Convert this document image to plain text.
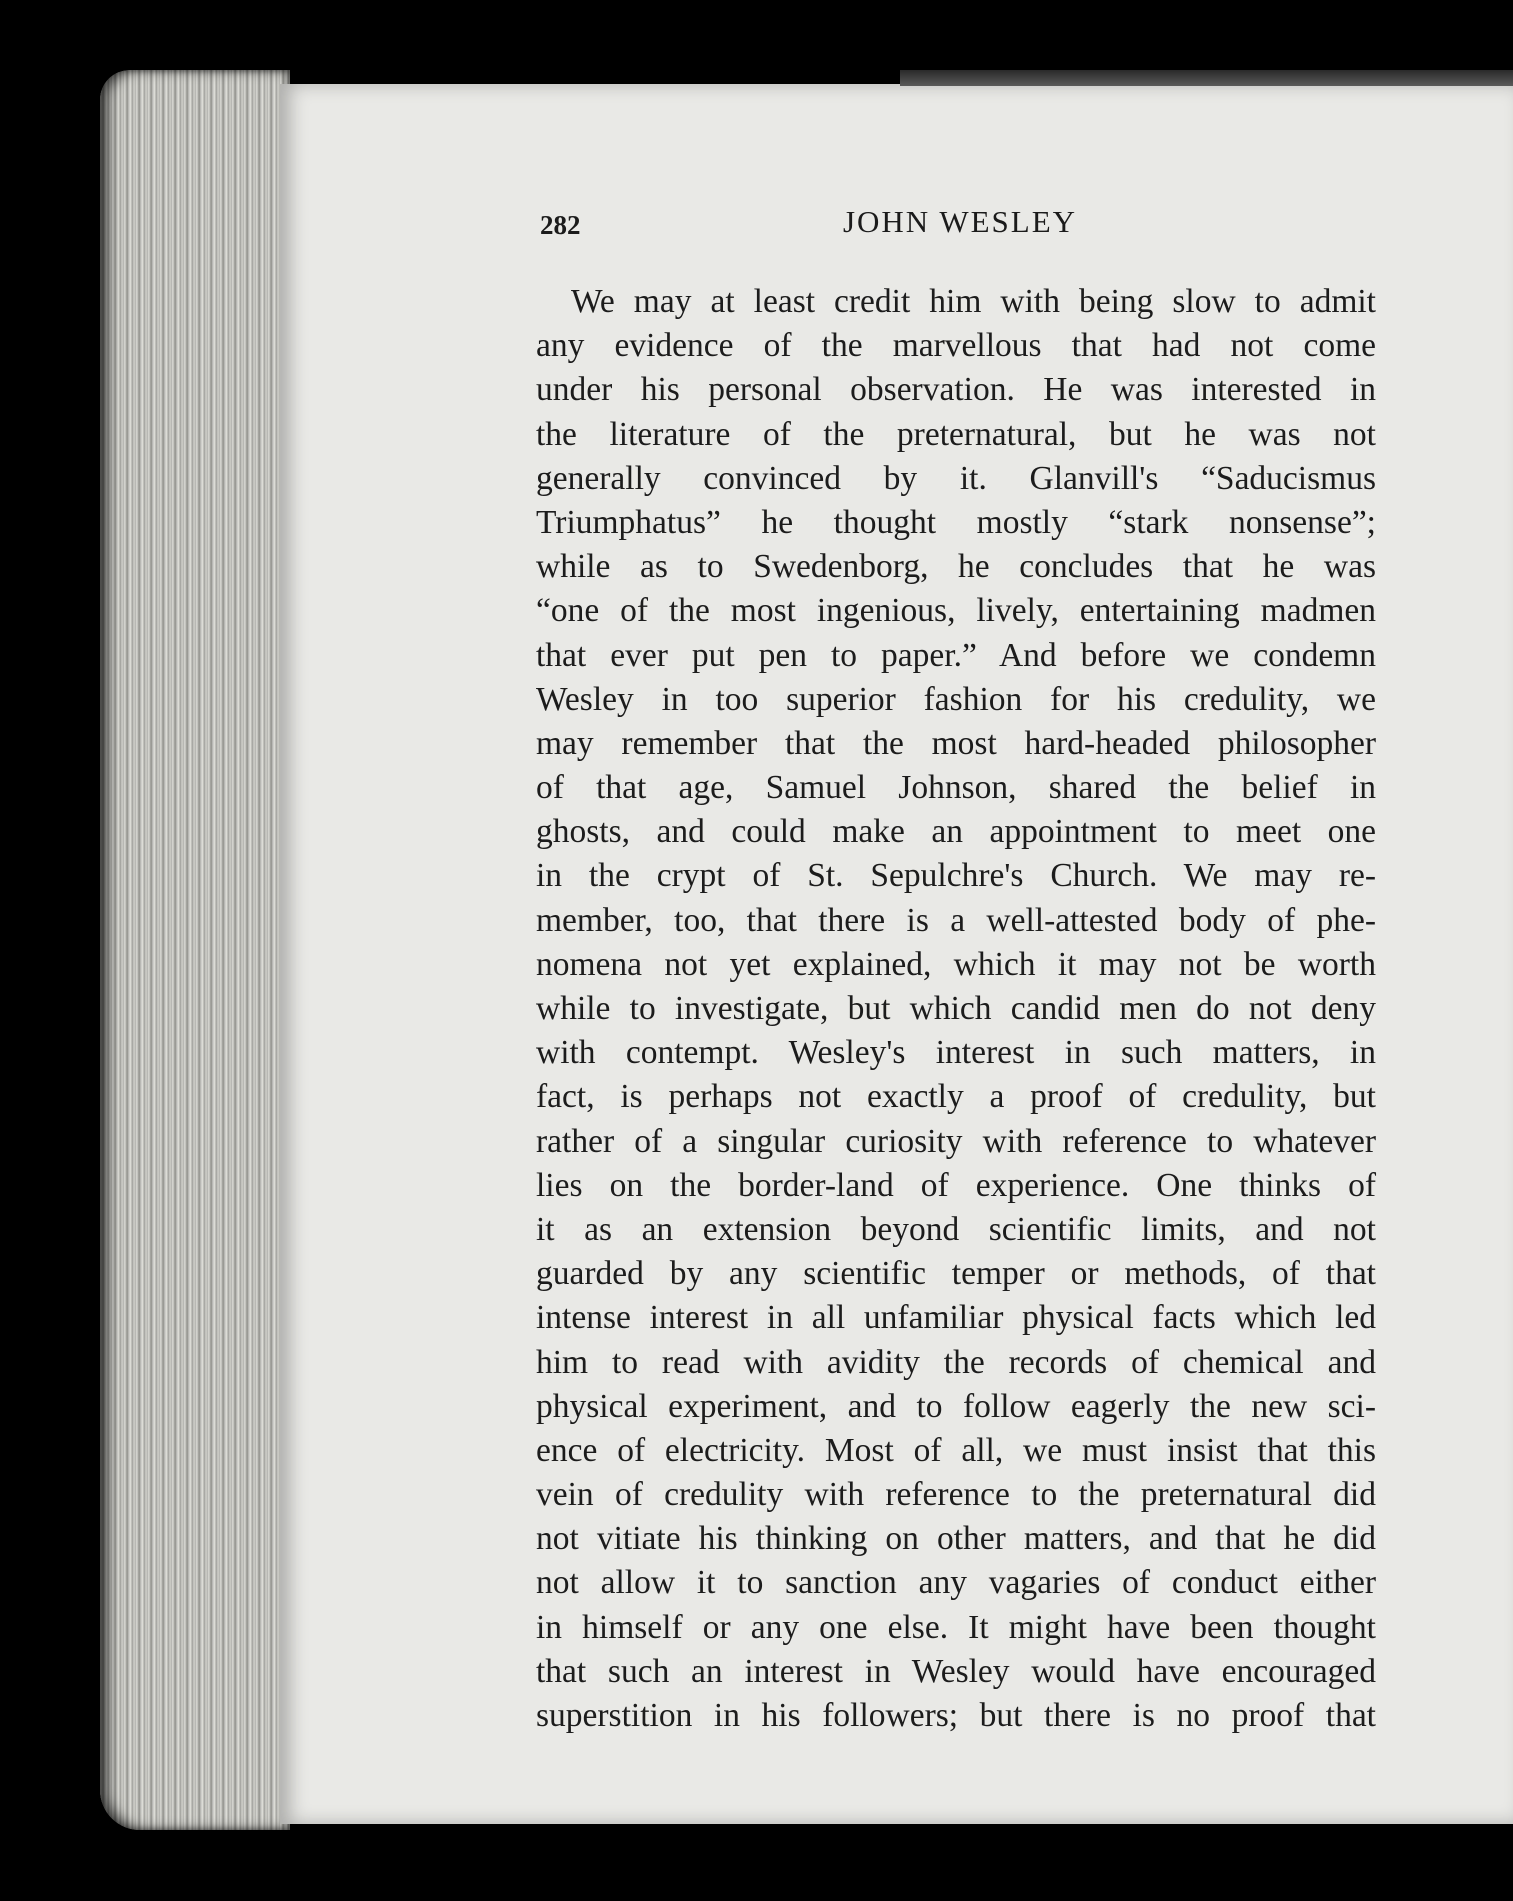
282	JOHN WESLEY
We may at least credit him with being slow to admit
any evidence of the marvellous that had not come
under his personal observation. He was interested in
the literature of the preternatural, but he was not
generally convinced by it. Glanvill's “Saducismus
Triumphatus” he thought mostly “stark nonsense”;
while as to Swedenborg, he concludes that he was
“one of the most ingenious, lively, entertaining madmen
that ever put pen to paper.” And before we condemn
Wesley in too superior fashion for his credulity, we
may remember that the most hard-headed philosopher
of that age, Samuel Johnson, shared the belief in
ghosts, and could make an appointment to meet one
in the crypt of St. Sepulchre's Church. We may re-
member, too, that there is a well-attested body of phe-
nomena not yet explained, which it may not be worth
while to investigate, but which candid men do not deny
with contempt. Wesley's interest in such matters, in
fact, is perhaps not exactly a proof of credulity, but
rather of a singular curiosity with reference to whatever
lies on the border-land of experience. One thinks of
it as an extension beyond scientific limits, and not
guarded by any scientific temper or methods, of that
intense interest in all unfamiliar physical facts which led
him to read with avidity the records of chemical and
physical experiment, and to follow eagerly the new sci-
ence of electricity. Most of all, we must insist that this
vein of credulity with reference to the preternatural did
not vitiate his thinking on other matters, and that he did
not allow it to sanction any vagaries of conduct either
in himself or any one else. It might have been thought
that such an interest in Wesley would have encouraged
superstition in his followers; but there is no proof that
